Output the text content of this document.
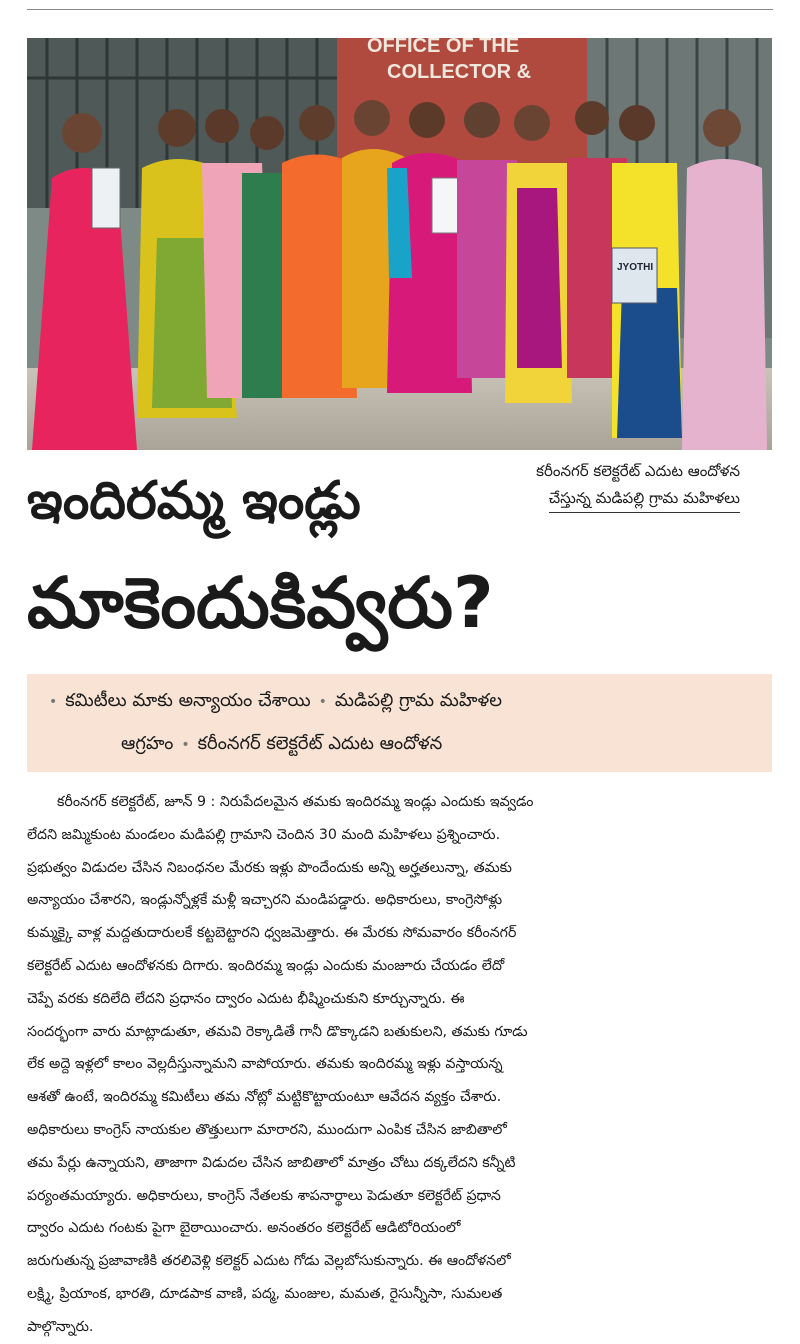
OFFICE OF THE
COLLECTOR &
JYOTHI
కరీంనగర్ కలెక్టరేట్ ఎదుట ఆందోళన
చేస్తున్న మడిపల్లి గ్రామ మహిళలు
ఇందిరమ్మ ఇండ్లు
మాకెందుకివ్వరు?
• కమిటీలు మాకు అన్యాయం చేశాయి • మడిపల్లి గ్రామ మహిళల
ఆగ్రహం • కరీంనగర్ కలెక్టరేట్ ఎదుట ఆందోళన
కరీంనగర్ కలెక్టరేట్, జూన్ 9 : నిరుపేదలమైన తమకు ఇందిరమ్మ ఇండ్లు ఎందుకు ఇవ్వడం
లేదని జమ్మికుంట మండలం మడిపల్లి గ్రామాని చెందిన 30 మంది మహిళలు ప్రశ్నించారు.
ప్రభుత్వం విడుదల చేసిన నిబంధనల మేరకు ఇళ్లు పొందేందుకు అన్ని అర్హతలున్నా, తమకు
అన్యాయం చేశారని, ఇండ్లున్నోళ్లకే మళ్లీ ఇచ్చారని మండిపడ్డారు. అధికారులు, కాంగ్రెసోళ్లు
కుమ్మక్కై వాళ్ల మద్దతుదారులకే కట్టబెట్టారని ధ్వజమెత్తారు. ఈ మేరకు సోమవారం కరీంనగర్
కలెక్టరేట్ ఎదుట ఆందోళనకు దిగారు. ఇందిరమ్మ ఇండ్లు ఎందుకు మంజూరు చేయడం లేదో
చెప్పే వరకు కదిలేది లేదని ప్రధానం ద్వారం ఎదుట భీష్మించుకుని కూర్చున్నారు. ఈ
సందర్భంగా వారు మాట్లాడుతూ, తమవి రెక్కాడితే గానీ డొక్కాడని బతుకులని, తమకు గూడు
లేక అద్దె ఇళ్లలో కాలం వెల్లదీస్తున్నామని వాపోయారు. తమకు ఇందిరమ్మ ఇళ్లు వస్తాయన్న
ఆశతో ఉంటే, ఇందిరమ్మ కమిటీలు తమ నోట్లో మట్టికొట్టాయంటూ ఆవేదన వ్యక్తం చేశారు.
అధికారులు కాంగ్రెస్ నాయకుల తొత్తులుగా మారారని, ముందుగా ఎంపిక చేసిన జాబితాలో
తమ పేర్లు ఉన్నాయని, తాజాగా విడుదల చేసిన జాబితాలో మాత్రం చోటు దక్కలేదని కన్నీటి
పర్యంతమయ్యారు. అధికారులు, కాంగ్రెస్ నేతలకు శాపనార్థాలు పెడుతూ కలెక్టరేట్ ప్రధాన
ద్వారం ఎదుట గంటకు పైగా బైఠాయించారు. అనంతరం కలెక్టరేట్ ఆడిటోరియంలో
జరుగుతున్న ప్రజావాణికి తరలివెళ్లి కలెక్టర్ ఎదుట గోడు వెల్లబోసుకున్నారు. ఈ ఆందోళనలో
లక్ష్మి, ప్రియాంక, భారతి, దూడపాక వాణి, పద్మ, మంజుల, మమత, రైసున్నీసా, సుమలత
పాల్గొన్నారు.
